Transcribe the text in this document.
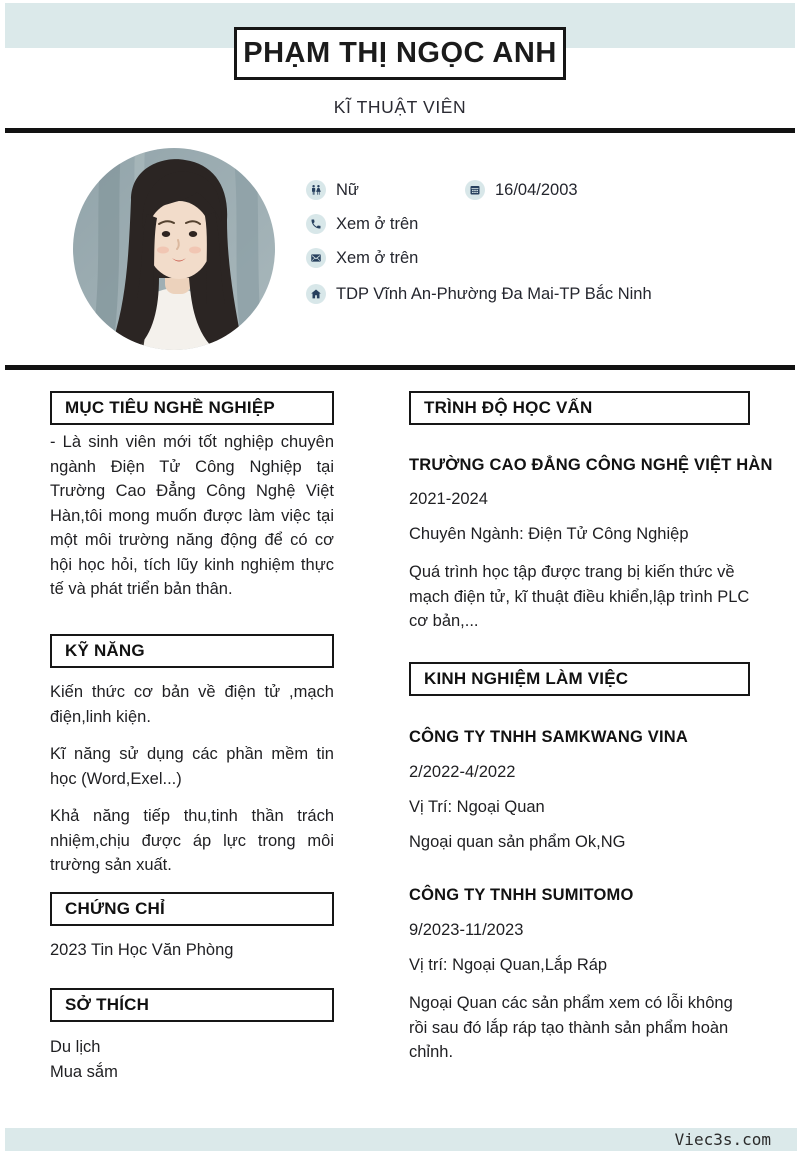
PHẠM THỊ NGỌC ANH
KĨ THUẬT VIÊN
Nữ	16/04/2003
Xem ở trên
Xem ở trên
TDP Vĩnh An-Phường Đa Mai-TP Bắc Ninh
MỤC TIÊU NGHỀ NGHIỆP
- Là sinh viên mới tốt nghiệp chuyên ngành Điện Tử Công Nghiệp tại Trường Cao Đẳng Công Nghệ Việt Hàn,tôi mong muốn được làm việc tại một môi trường năng động để có cơ hội học hỏi, tích lũy kinh nghiệm thực tế và phát triển bản thân.
KỸ NĂNG

Kiến thức cơ bản về điện tử ,mạch điện,linh kiện.

Kĩ năng sử dụng các phần mềm tin học (Word,Exel...)

Khả năng tiếp thu,tinh thần trách nhiệm,chịu được áp lực trong môi trường sản xuất.

CHỨNG CHỈ
2023 Tin Học Văn Phòng
SỞ THÍCH
Du lịch
Mua sắm
TRÌNH ĐỘ HỌC VẤN
TRƯỜNG CAO ĐẲNG CÔNG NGHỆ VIỆT HÀN
2021-2024
Chuyên Ngành: Điện Tử Công Nghiệp
Quá trình học tập được trang bị kiến thức về mạch điện tử, kĩ thuật điều khiển,lập trình PLC cơ bản,...
KINH NGHIỆM LÀM VIỆC
CÔNG TY TNHH SAMKWANG VINA
2/2022-4/2022
Vị Trí: Ngoại Quan
Ngoại quan sản phẩm Ok,NG
CÔNG TY TNHH SUMITOMO
9/2023-11/2023
Vị trí: Ngoại Quan,Lắp Ráp
Ngoại Quan các sản phẩm xem có lỗi không rồi sau đó lắp ráp tạo thành sản phẩm hoàn chỉnh.
Viec3s.com
